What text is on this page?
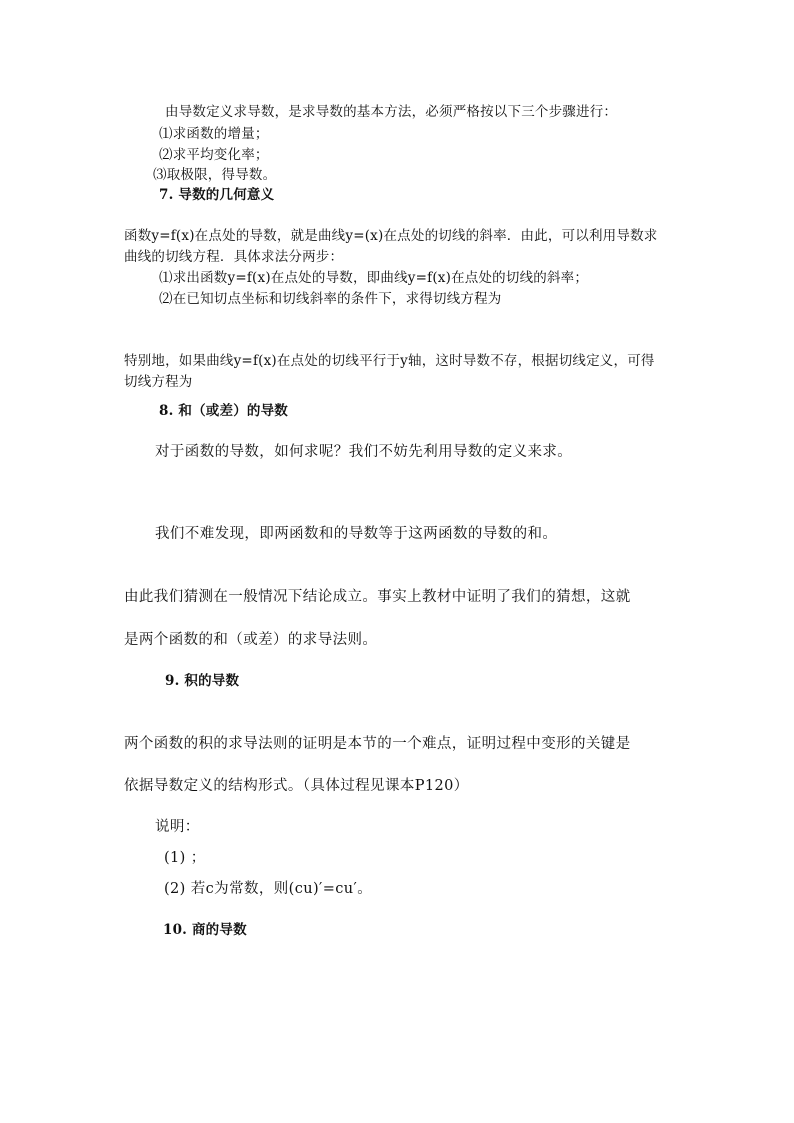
由导数定义求导数，是求导数的基本方法，必须严格按以下三个步骤进行：
⑴求函数的增量；
⑵求平均变化率；
⑶取极限，得导数。
7. 导数的几何意义
函数y=f(x)在点处的导数，就是曲线y=(x)在点处的切线的斜率．由此，可以利用导数求
曲线的切线方程．具体求法分两步：
⑴求出函数y=f(x)在点处的导数，即曲线y=f(x)在点处的切线的斜率；
⑵在已知切点坐标和切线斜率的条件下，求得切线方程为
特别地，如果曲线y=f(x)在点处的切线平行于y轴，这时导数不存，根据切线定义，可得
切线方程为
8. 和（或差）的导数
对于函数的导数，如何求呢？我们不妨先利用导数的定义来求。
我们不难发现，即两函数和的导数等于这两函数的导数的和。
由此我们猜测在一般情况下结论成立。事实上教材中证明了我们的猜想，这就
是两个函数的和（或差）的求导法则。
9. 积的导数
两个函数的积的求导法则的证明是本节的一个难点，证明过程中变形的关键是
依据导数定义的结构形式。（具体过程见课本P120）
说明：
(1) ；
(2) 若c为常数，则(cu)′=cu′。
10. 商的导数
